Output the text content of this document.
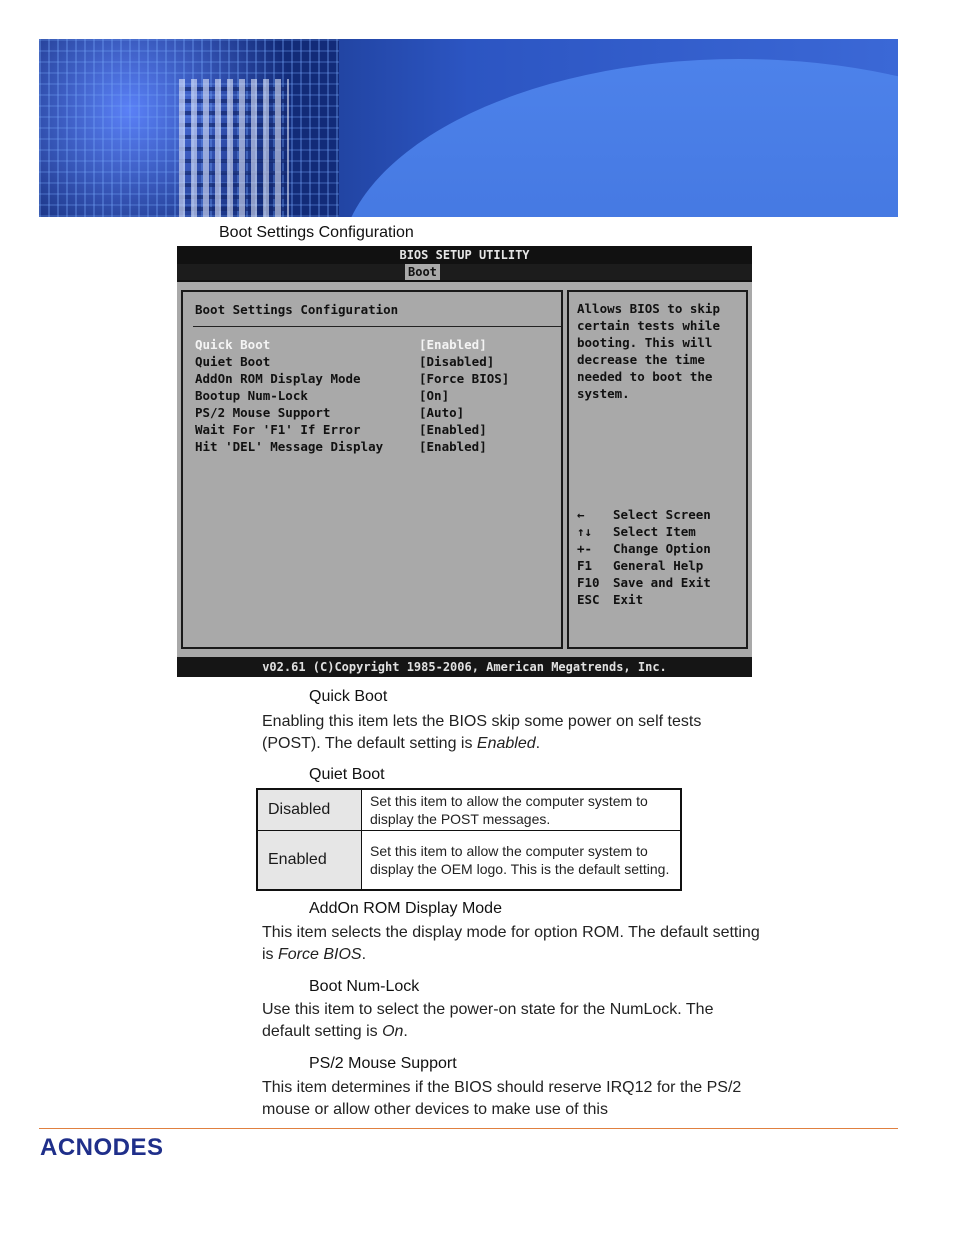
Boot Settings Configuration
BIOS SETUP UTILITY
Boot
Boot Settings Configuration
Quick Boot	[Enabled]
Quiet Boot	[Disabled]
AddOn ROM Display Mode	[Force BIOS]
Bootup Num-Lock	[On]
PS/2 Mouse Support	[Auto]
Wait For 'F1' If Error	[Enabled]
Hit 'DEL' Message Display	[Enabled]
Allows BIOS to skip
certain tests while
booting. This will
decrease the time
needed to boot the
system.
← Select Screen
↑↓ Select Item
+- Change Option
F1 General Help
F10 Save and Exit
ESC Exit
v02.61 (C)Copyright 1985-2006, American Megatrends, Inc.
Quick Boot
Enabling this item lets the BIOS skip some power on self tests (POST). The default setting is Enabled.
Quiet Boot
Disabled	Set this item to allow the computer system to display the POST messages.
Enabled	Set this item to allow the computer system to display the OEM logo. This is the default setting.
AddOn ROM Display Mode
This item selects the display mode for option ROM. The default setting is Force BIOS.
Boot Num-Lock
Use this item to select the power-on state for the NumLock. The default setting is On.
PS/2 Mouse Support
This item determines if the BIOS should reserve IRQ12 for the PS/2 mouse or allow other devices to make use of this
ACNODES
